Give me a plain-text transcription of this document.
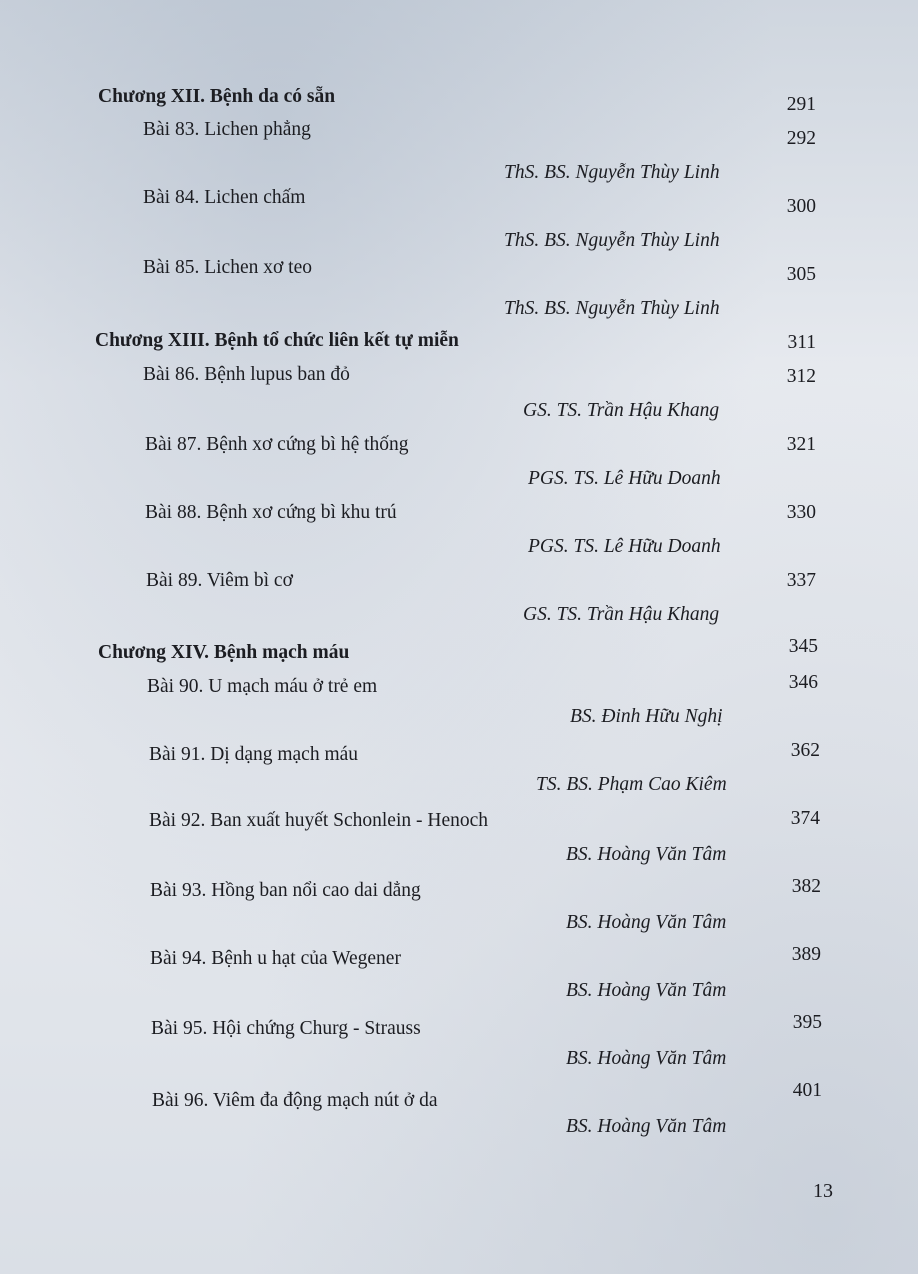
Chương XII. Bệnh da có sẵn	291
Bài 83. Lichen phẳng	292
ThS. BS. Nguyễn Thùy Linh
Bài 84. Lichen chấm	300
ThS. BS. Nguyễn Thùy Linh
Bài 85. Lichen xơ teo	305
ThS. BS. Nguyễn Thùy Linh
Chương XIII. Bệnh tổ chức liên kết tự miễn	311
Bài 86. Bệnh lupus ban đỏ	312
GS. TS. Trần Hậu Khang
Bài 87. Bệnh xơ cứng bì hệ thống	321
PGS. TS. Lê Hữu Doanh
Bài 88. Bệnh xơ cứng bì khu trú	330
PGS. TS. Lê Hữu Doanh
Bài 89. Viêm bì cơ	337
GS. TS. Trần Hậu Khang
Chương XIV. Bệnh mạch máu	345
Bài 90. U mạch máu ở trẻ em	346
BS. Đinh Hữu Nghị
Bài 91. Dị dạng mạch máu	362
TS. BS. Phạm Cao Kiêm
Bài 92. Ban xuất huyết Schonlein - Henoch	374
BS. Hoàng Văn Tâm
Bài 93. Hồng ban nổi cao dai dẳng	382
BS. Hoàng Văn Tâm
Bài 94. Bệnh u hạt của Wegener	389
BS. Hoàng Văn Tâm
Bài 95. Hội chứng Churg - Strauss	395
BS. Hoàng Văn Tâm
Bài 96. Viêm đa động mạch nút ở da	401
BS. Hoàng Văn Tâm
13
